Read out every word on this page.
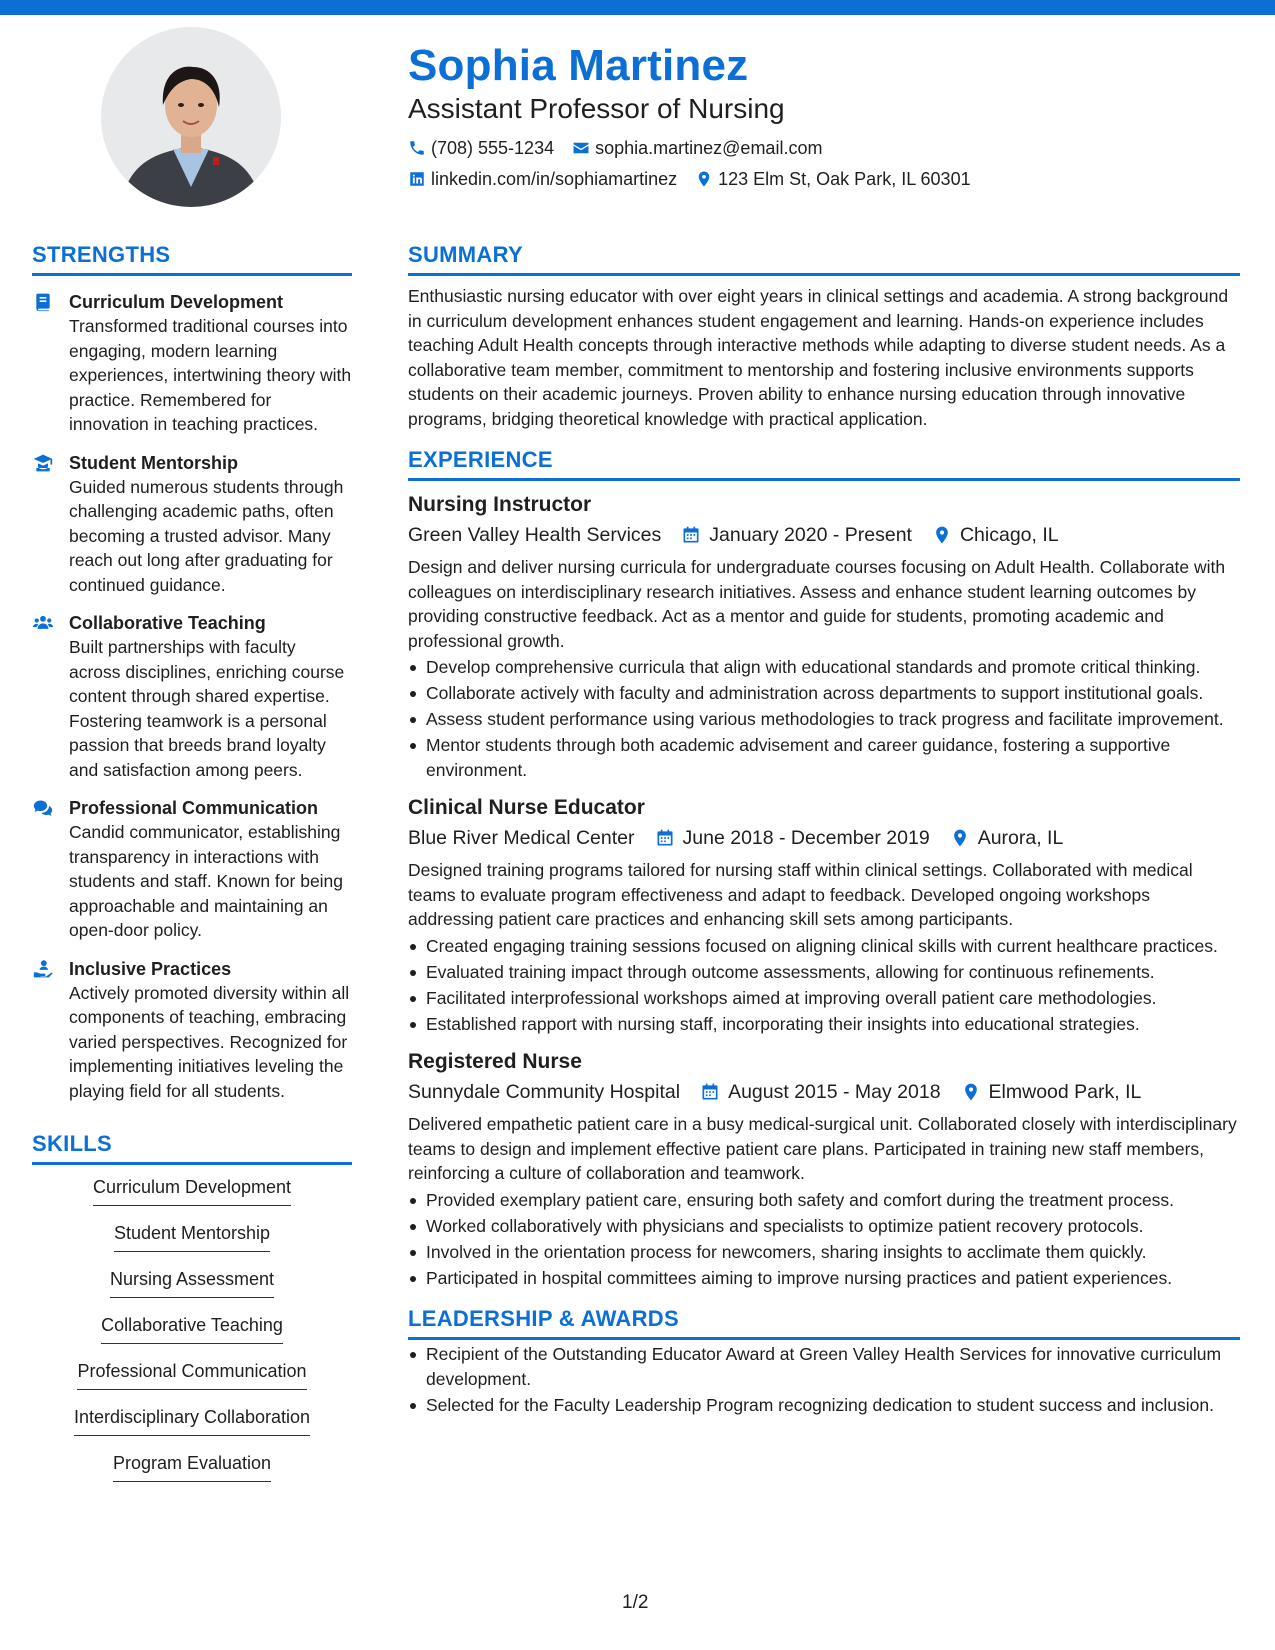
Sophia Martinez
Assistant Professor of Nursing
(708) 555-1234 sophia.martinez@email.com
linkedin.com/in/sophiamartinez 123 Elm St, Oak Park, IL 60301
STRENGTHS
Curriculum Development
Transformed traditional courses into engaging, modern learning experiences, intertwining theory with practice. Remembered for innovation in teaching practices.
Student Mentorship
Guided numerous students through challenging academic paths, often becoming a trusted advisor. Many reach out long after graduating for continued guidance.
Collaborative Teaching
Built partnerships with faculty across disciplines, enriching course content through shared expertise. Fostering teamwork is a personal passion that breeds brand loyalty and satisfaction among peers.
Professional Communication
Candid communicator, establishing transparency in interactions with students and staff. Known for being approachable and maintaining an open-door policy.
Inclusive Practices
Actively promoted diversity within all components of teaching, embracing varied perspectives. Recognized for implementing initiatives leveling the playing field for all students.
SKILLS
Curriculum Development
Student Mentorship
Nursing Assessment
Collaborative Teaching
Professional Communication
Interdisciplinary Collaboration
Program Evaluation
SUMMARY
Enthusiastic nursing educator with over eight years in clinical settings and academia. A strong background in curriculum development enhances student engagement and learning. Hands-on experience includes teaching Adult Health concepts through interactive methods while adapting to diverse student needs. As a collaborative team member, commitment to mentorship and fostering inclusive environments supports students on their academic journeys. Proven ability to enhance nursing education through innovative programs, bridging theoretical knowledge with practical application.
EXPERIENCE
Nursing Instructor
Green Valley Health Services January 2020 - Present Chicago, IL
Design and deliver nursing curricula for undergraduate courses focusing on Adult Health. Collaborate with colleagues on interdisciplinary research initiatives. Assess and enhance student learning outcomes by providing constructive feedback. Act as a mentor and guide for students, promoting academic and professional growth.
Develop comprehensive curricula that align with educational standards and promote critical thinking.
Collaborate actively with faculty and administration across departments to support institutional goals.
Assess student performance using various methodologies to track progress and facilitate improvement.
Mentor students through both academic advisement and career guidance, fostering a supportive environment.
Clinical Nurse Educator
Blue River Medical Center June 2018 - December 2019 Aurora, IL
Designed training programs tailored for nursing staff within clinical settings. Collaborated with medical teams to evaluate program effectiveness and adapt to feedback. Developed ongoing workshops addressing patient care practices and enhancing skill sets among participants.
Created engaging training sessions focused on aligning clinical skills with current healthcare practices.
Evaluated training impact through outcome assessments, allowing for continuous refinements.
Facilitated interprofessional workshops aimed at improving overall patient care methodologies.
Established rapport with nursing staff, incorporating their insights into educational strategies.
Registered Nurse
Sunnydale Community Hospital August 2015 - May 2018 Elmwood Park, IL
Delivered empathetic patient care in a busy medical-surgical unit. Collaborated closely with interdisciplinary teams to design and implement effective patient care plans. Participated in training new staff members, reinforcing a culture of collaboration and teamwork.
Provided exemplary patient care, ensuring both safety and comfort during the treatment process.
Worked collaboratively with physicians and specialists to optimize patient recovery protocols.
Involved in the orientation process for newcomers, sharing insights to acclimate them quickly.
Participated in hospital committees aiming to improve nursing practices and patient experiences.
LEADERSHIP & AWARDS
Recipient of the Outstanding Educator Award at Green Valley Health Services for innovative curriculum development.
Selected for the Faculty Leadership Program recognizing dedication to student success and inclusion.
1/2
